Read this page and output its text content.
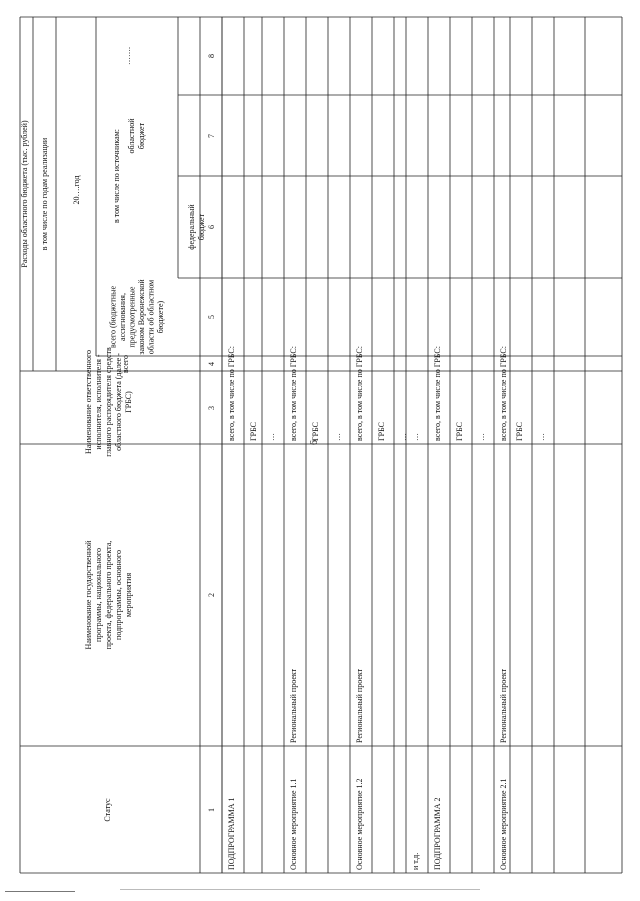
6
Статус
Наименование государственной программы, национального проекта, федерального проекта, подпрограммы, основного мероприятия
Наименование ответственного исполнителя, исполнителя - главного распорядителя средств областного бюджета (далее - ГРБС)
Расходы областного бюджета (тыс. рублей) в том числе по годам реализации
всего
20….год
…….
всего (бюджетные ассигнования, предусмотренные законом Воронежской области об областном бюджете)
в том числе по источникам:
федеральный бюджет
областной бюджет
1
2
3
4
5
6
7
8
ПОДПРОГРАММА 1
всего, в том числе по ГРБС: ГРБС …
Основное мероприятие 1.1
Региональный проект
всего, в том числе по ГРБС: ГРБС …
Основное мероприятие 1.2
Региональный проект
всего, в том числе по ГРБС: ГРБС …
и т.д.
…
ПОДПРОГРАММА 2
всего, в том числе по ГРБС: ГРБС …
Основное мероприятие 2.1
Региональный проект
всего, в том числе по ГРБС: ГРБС …
